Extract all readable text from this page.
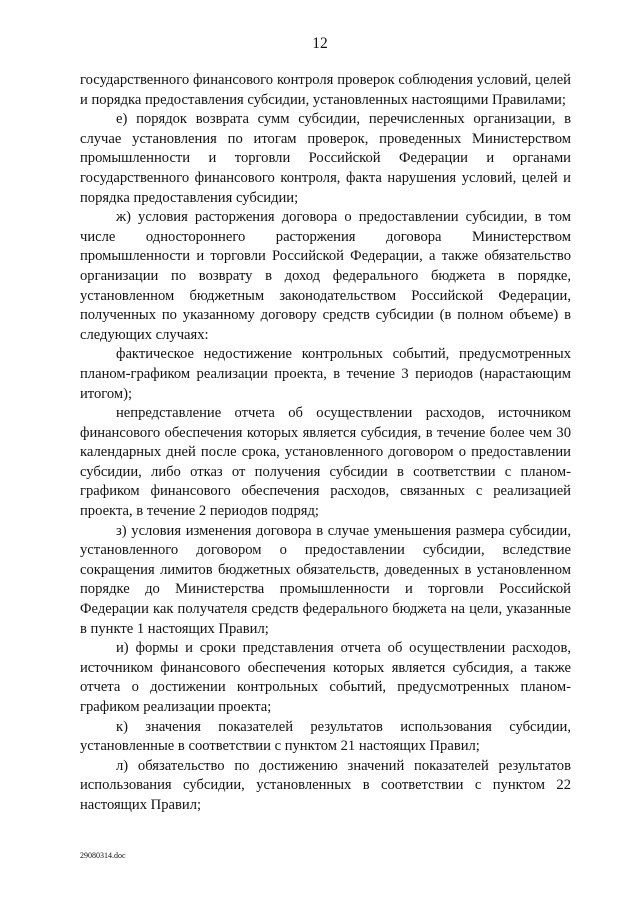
12

государственного финансового контроля проверок соблюдения условий, целей и порядка предоставления субсидии, установленных настоящими Правилами;

е) порядок возврата сумм субсидии, перечисленных организации, в случае установления по итогам проверок, проведенных Министерством промышленности и торговли Российской Федерации и органами государственного финансового контроля, факта нарушения условий, целей и порядка предоставления субсидии;

ж) условия расторжения договора о предоставлении субсидии, в том числе одностороннего расторжения договора Министерством промышленности и торговли Российской Федерации, а также обязательство организации по возврату в доход федерального бюджета в порядке, установленном бюджетным законодательством Российской Федерации, полученных по указанному договору средств субсидии (в полном объеме) в следующих случаях:

фактическое недостижение контрольных событий, предусмотренных планом-графиком реализации проекта, в течение 3 периодов (нарастающим итогом);

непредставление отчета об осуществлении расходов, источником финансового обеспечения которых является субсидия, в течение более чем 30 календарных дней после срока, установленного договором о предоставлении субсидии, либо отказ от получения субсидии в соответствии с планом-графиком финансового обеспечения расходов, связанных с реализацией проекта, в течение 2 периодов подряд;

з) условия изменения договора в случае уменьшения размера субсидии, установленного договором о предоставлении субсидии, вследствие сокращения лимитов бюджетных обязательств, доведенных в установленном порядке до Министерства промышленности и торговли Российской Федерации как получателя средств федерального бюджета на цели, указанные в пункте 1 настоящих Правил;

и) формы и сроки представления отчета об осуществлении расходов, источником финансового обеспечения которых является субсидия, а также отчета о достижении контрольных событий, предусмотренных планом-графиком реализации проекта;

к) значения показателей результатов использования субсидии, установленные в соответствии с пунктом 21 настоящих Правил;

л) обязательство по достижению значений показателей результатов использования субсидии, установленных в соответствии с пунктом 22 настоящих Правил;

29080314.doc
